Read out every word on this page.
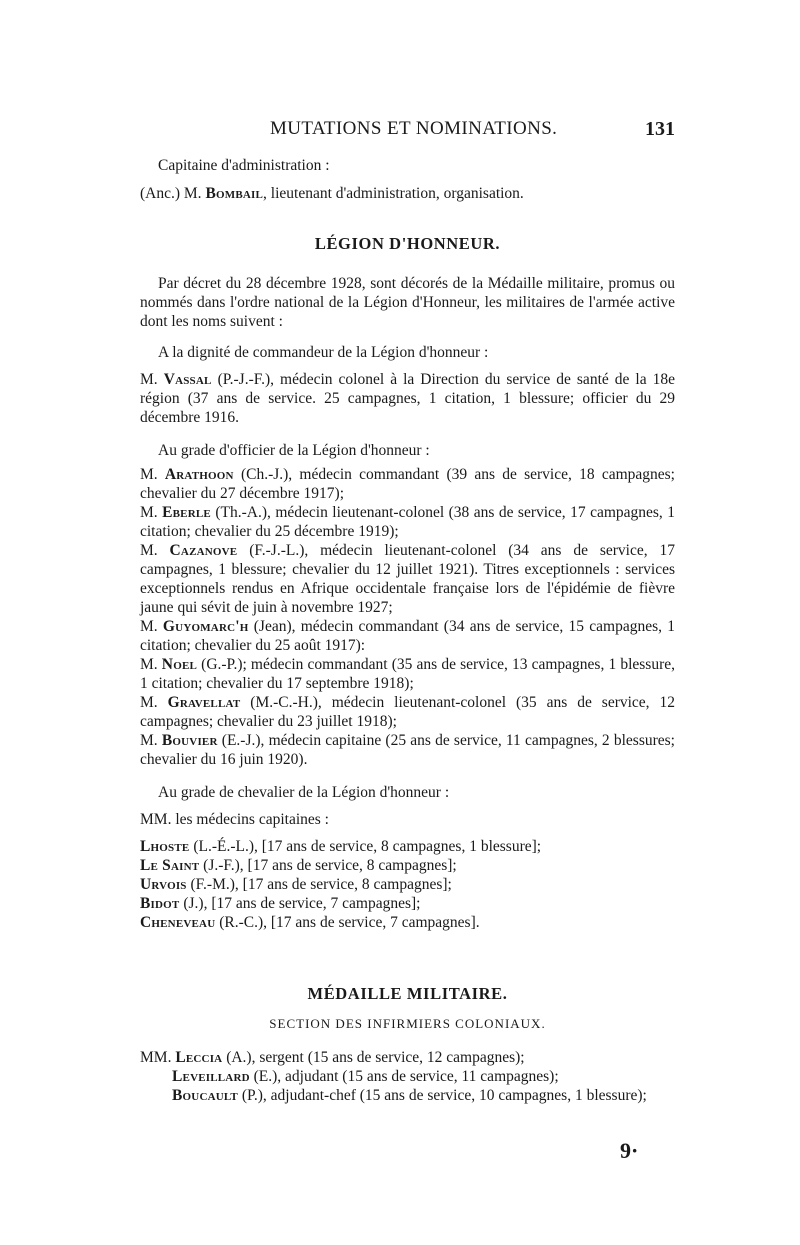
MUTATIONS ET NOMINATIONS.	131

Capitaine d'administration :

(Anc.) M. Bombail, lieutenant d'administration, organisation.

LÉGION D'HONNEUR.

Par décret du 28 décembre 1928, sont décorés de la Médaille militaire, promus ou nommés dans l'ordre national de la Légion d'Honneur, les militaires de l'armée active dont les noms suivent :

A la dignité de commandeur de la Légion d'honneur :

M. Vassal (P.-J.-F.), médecin colonel à la Direction du service de santé de la 18e région (37 ans de service. 25 campagnes, 1 citation, 1 blessure; officier du 29 décembre 1916.

Au grade d'officier de la Légion d'honneur :

M. Arathoon (Ch.-J.), médecin commandant (39 ans de service, 18 campagnes; chevalier du 27 décembre 1917);

M. Eberle (Th.-A.), médecin lieutenant-colonel (38 ans de service, 17 campagnes, 1 citation; chevalier du 25 décembre 1919);

M. Cazanove (F.-J.-L.), médecin lieutenant-colonel (34 ans de service, 17 campagnes, 1 blessure; chevalier du 12 juillet 1921). Titres exceptionnels : services exceptionnels rendus en Afrique occidentale française lors de l'épidémie de fièvre jaune qui sévit de juin à novembre 1927;

M. Guyomarc'h (Jean), médecin commandant (34 ans de service, 15 campagnes, 1 citation; chevalier du 25 août 1917):

M. Noel (G.-P.); médecin commandant (35 ans de service, 13 campagnes, 1 blessure, 1 citation; chevalier du 17 septembre 1918);

M. Gravellat (M.-C.-H.), médecin lieutenant-colonel (35 ans de service, 12 campagnes; chevalier du 23 juillet 1918);

M. Bouvier (E.-J.), médecin capitaine (25 ans de service, 11 campagnes, 2 blessures; chevalier du 16 juin 1920).

Au grade de chevalier de la Légion d'honneur :

MM. les médecins capitaines :

Lhoste (L.-É.-L.), [17 ans de service, 8 campagnes, 1 blessure];

Le Saint (J.-F.), [17 ans de service, 8 campagnes];

Urvois (F.-M.), [17 ans de service, 8 campagnes];

Bidot (J.), [17 ans de service, 7 campagnes];

Cheneveau (R.-C.), [17 ans de service, 7 campagnes].

MÉDAILLE MILITAIRE.
SECTION DES INFIRMIERS COLONIAUX.

MM. Leccia (A.), sergent (15 ans de service, 12 campagnes);

Leveillard (E.), adjudant (15 ans de service, 11 campagnes);

Boucault (P.), adjudant-chef (15 ans de service, 10 campagnes, 1 blessure);

9·
